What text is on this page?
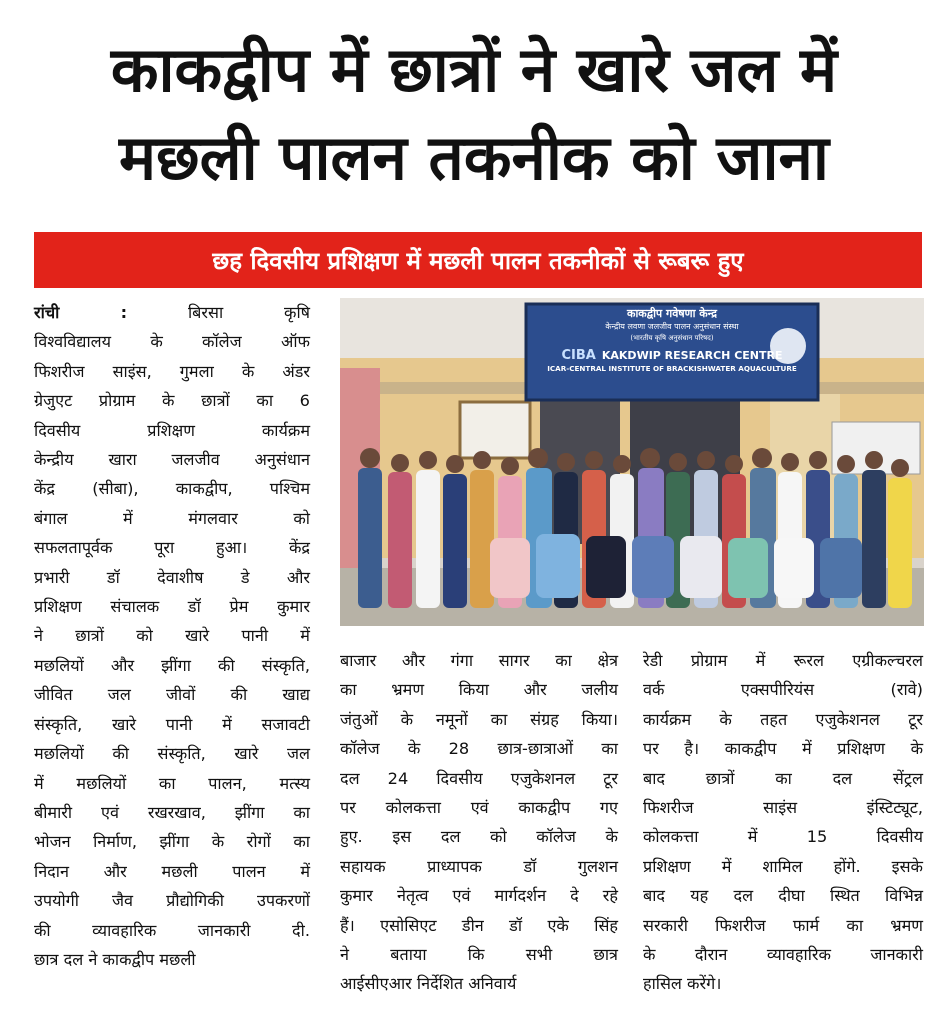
काकद्वीप में छात्रों ने खारे जल में
मछली पालन तकनीक को जाना
छह दिवसीय प्रशिक्षण में मछली पालन तकनीकों से रूबरू हुए
रांची :	बिरसा कृषि
विश्वविद्यालय के कॉलेज ऑफ
फिशरीज साइंस, गुमला के अंडर
ग्रेजुएट प्रोग्राम के छात्रों का 6
दिवसीय प्रशिक्षण कार्यक्रम
केन्द्रीय खारा जलजीव अनुसंधान
केंद्र (सीबा), काकद्वीप, पश्चिम
बंगाल में मंगलवार को
सफलतापूर्वक पूरा हुआ। केंद्र
प्रभारी डॉ देवाशीष डे और
प्रशिक्षण संचालक डॉ प्रेम कुमार
ने छात्रों को खारे पानी में
मछलियों और झींगा की संस्कृति,
जीवित जल जीवों की खाद्य
संस्कृति, खारे पानी में सजावटी
मछलियों की संस्कृति, खारे जल
में मछलियों का पालन, मत्स्य
बीमारी एवं रखरखाव, झींगा का
भोजन निर्माण, झींगा के रोगों का
निदान और मछली पालन में
उपयोगी जैव प्रौद्योगिकी उपकरणों
की व्यावहारिक जानकारी दी.
छात्र दल ने काकद्वीप मछली
काकद्वीप गवेषणा केन्द्र
केन्द्रीय लवणा जलजीव पालन अनुसंधान संस्था
(भारतीय कृषि अनुसंधान परिषद)
CIBA KAKDWIP RESEARCH CENTRE
ICAR-CENTRAL INSTITUTE OF BRACKISHWATER AQUACULTURE
बाजार और गंगा सागर का क्षेत्र
का भ्रमण किया और जलीय
जंतुओं के नमूनों का संग्रह किया।
कॉलेज के 28 छात्र-छात्राओं का
दल 24 दिवसीय एजुकेशनल टूर
पर कोलकत्ता एवं काकद्वीप गए
हुए. इस दल को कॉलेज के
सहायक प्राध्यापक डॉ गुलशन
कुमार नेतृत्व एवं मार्गदर्शन दे रहे
हैं। एसोसिएट डीन डॉ एके सिंह
ने बताया कि सभी छात्र
आईसीएआर निर्देशित अनिवार्य
रेडी प्रोग्राम में रूरल एग्रीकल्चरल
वर्क एक्सपीरियंस (रावे)
कार्यक्रम के तहत एजुकेशनल टूर
पर है। काकद्वीप में प्रशिक्षण के
बाद छात्रों का दल सेंट्रल
फिशरीज साइंस इंस्टिट्यूट,
कोलकत्ता में 15 दिवसीय
प्रशिक्षण में शामिल होंगे. इसके
बाद यह दल दीघा स्थित विभिन्न
सरकारी फिशरीज फार्म का भ्रमण
के दौरान व्यावहारिक जानकारी
हासिल करेंगे।
